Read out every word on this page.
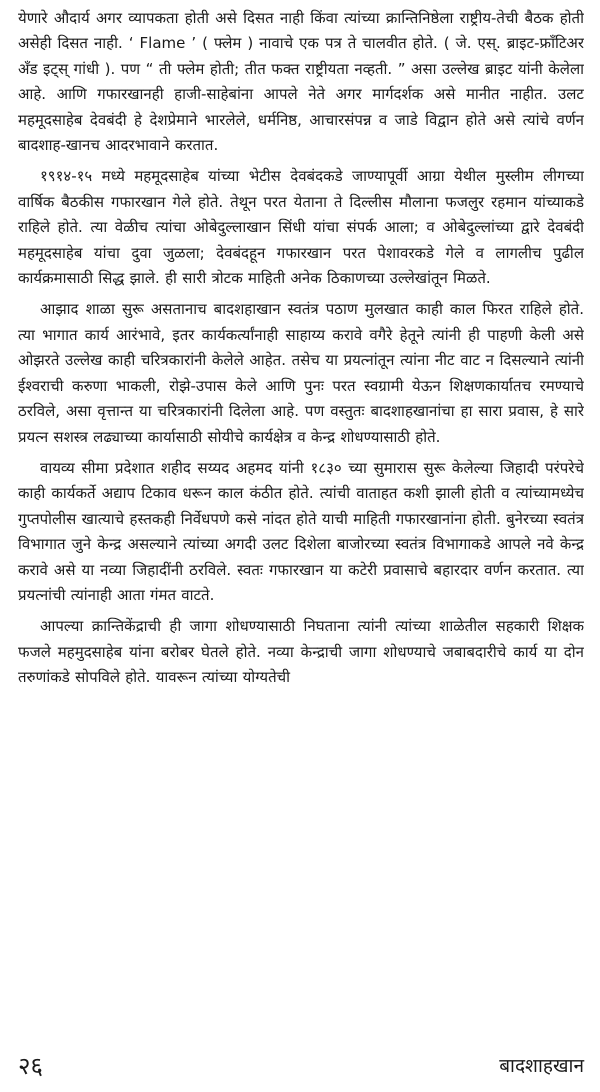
येणारे औदार्य अगर व्यापकता होती असे दिसत नाही किंवा त्यांच्या क्रान्तिनिष्ठेला राष्ट्रीय-तेची बैठक होती असेही दिसत नाही. ‘ Flame ’ ( फ्लेम ) नावाचे एक पत्र ते चालवीत होते. ( जे. एस्. ब्राइट-फ्राँटिअर अँड इट्स् गांधी ). पण “ ती फ्लेम होती; तीत फक्त राष्ट्रीयता नव्हती. ” असा उल्लेख ब्राइट यांनी केलेला आहे. आणि गफारखानही हाजी-साहेबांना आपले नेते अगर मार्गदर्शक असे मानीत नाहीत. उलट महमूदसाहेब देवबंदी हे देशप्रेमाने भारलेले, धर्मनिष्ठ, आचारसंपन्न व जाडे विद्वान होते असे त्यांचे वर्णन बादशाह-खानच आदरभावाने करतात.

१९१४-१५ मध्ये महमूदसाहेब यांच्या भेटीस देवबंदकडे जाण्यापूर्वी आग्रा येथील मुस्लीम लीगच्या वार्षिक बैठकीस गफारखान गेले होते. तेथून परत येताना ते दिल्लीस मौलाना फजलुर रहमान यांच्याकडे राहिले होते. त्या वेळीच त्यांचा ओबेदुल्लाखान सिंधी यांचा संपर्क आला; व ओबेदुल्लांच्या द्वारे देवबंदी महमूदसाहेब यांचा दुवा जुळला; देवबंदहून गफारखान परत पेशावरकडे गेले व लागलीच पुढील कार्यक्रमासाठी सिद्ध झाले. ही सारी त्रोटक माहिती अनेक ठिकाणच्या उल्लेखांतून मिळते.

आझाद शाळा सुरू असतानाच बादशहाखान स्वतंत्र पठाण मुलखात काही काल फिरत राहिले होते. त्या भागात कार्य आरंभावे, इतर कार्यकर्त्यांनाही साहाय्य करावे वगैरे हेतूने त्यांनी ही पाहणी केली असे ओझरते उल्लेख काही चरित्रकारांनी केलेले आहेत. तसेच या प्रयत्नांतून त्यांना नीट वाट न दिसल्याने त्यांनी ईश्वराची करुणा भाकली, रोझे-उपास केले आणि पुनः परत स्वग्रामी येऊन शिक्षणकार्यातच रमण्याचे ठरविले, असा वृत्तान्त या चरित्रकारांनी दिलेला आहे. पण वस्तुतः बादशाहखानांचा हा सारा प्रवास, हे सारे प्रयत्न सशस्त्र लढ्याच्या कार्यासाठी सोयीचे कार्यक्षेत्र व केन्द्र शोधण्यासाठी होते.

वायव्य सीमा प्रदेशात शहीद सय्यद अहमद यांनी १८३० च्या सुमारास सुरू केलेल्या जिहादी परंपरेचे काही कार्यकर्ते अद्याप टिकाव धरून काल कंठीत होते. त्यांची वाताहत कशी झाली होती व त्यांच्यामध्येच गुप्तपोलीस खात्याचे हस्तकही निर्वेधपणे कसे नांदत होते याची माहिती गफारखानांना होती. बुनेरच्या स्वतंत्र विभागात जुने केन्द्र असल्याने त्यांच्या अगदी उलट दिशेला बाजोरच्या स्वतंत्र विभागाकडे आपले नवे केन्द्र करावे असे या नव्या जिहादींनी ठरविले. स्वतः गफारखान या कटेरी प्रवासाचे बहारदार वर्णन करतात. त्या प्रयत्नांची त्यांनाही आता गंमत वाटते.

आपल्या क्रान्तिकेंद्राची ही जागा शोधण्यासाठी निघताना त्यांनी त्यांच्या शाळेतील सहकारी शिक्षक फजले महमुदसाहेब यांना बरोबर घेतले होते. नव्या केन्द्राची जागा शोधण्याचे जबाबदारीचे कार्य या दोन तरुणांकडे सोपविले होते. यावरून त्यांच्या योग्यतेची

२६	बादशाहखान
